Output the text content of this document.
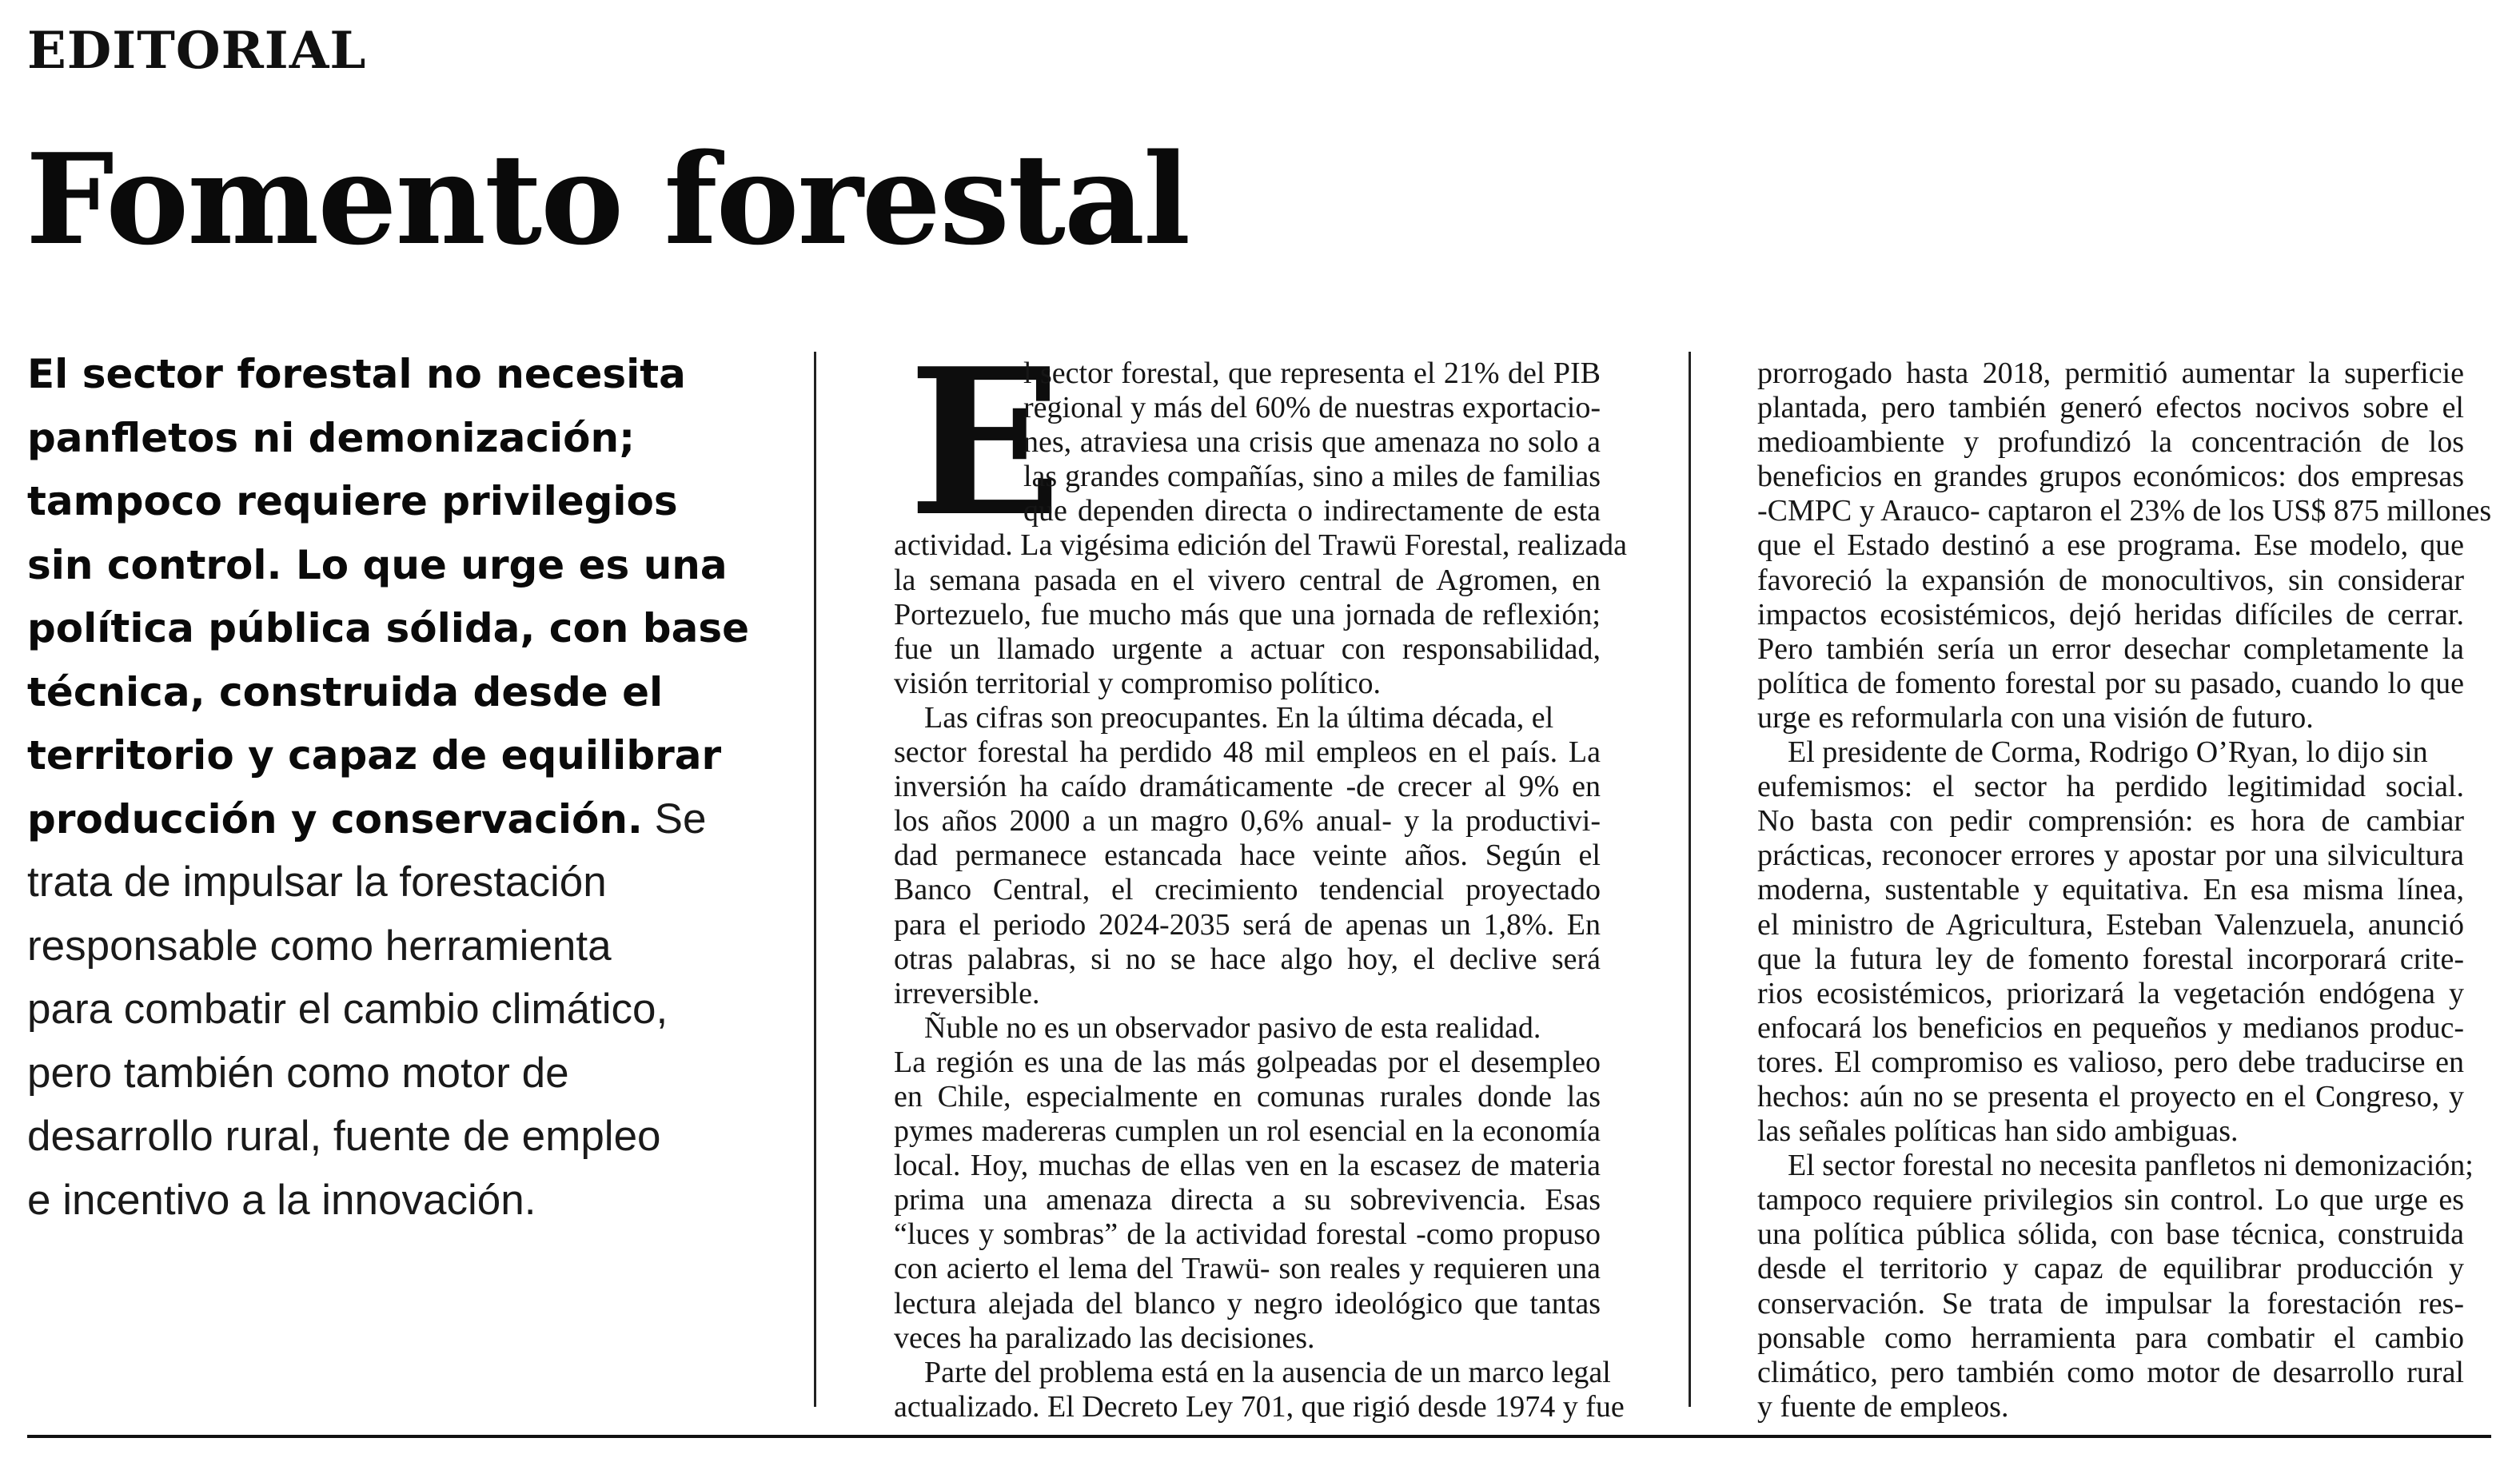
EDITORIAL
Fomento forestal
El sector forestal no necesita
panfletos ni demonización;
tampoco requiere privilegios
sin control. Lo que urge es una
política pública sólida, con base
técnica, construida desde el
territorio y capaz de equilibrar
producción y conservación. Se
trata de impulsar la forestación
responsable como herramienta
para combatir el cambio climático,
pero también como motor de
desarrollo rural, fuente de empleo
e incentivo a la innovación.
E
l sector forestal, que representa el 21% del PIB
regional y más del 60% de nuestras exportacio-
nes, atraviesa una crisis que amenaza no solo a
las grandes compañías, sino a miles de familias
que dependen directa o indirectamente de esta
actividad. La vigésima edición del Trawü Forestal, realizada
la semana pasada en el vivero central de Agromen, en
Portezuelo, fue mucho más que una jornada de reflexión;
fue un llamado urgente a actuar con responsabilidad,
visión territorial y compromiso político.
Las cifras son preocupantes. En la última década, el
sector forestal ha perdido 48 mil empleos en el país. La
inversión ha caído dramáticamente -de crecer al 9% en
los años 2000 a un magro 0,6% anual- y la productivi-
dad permanece estancada hace veinte años. Según el
Banco Central, el crecimiento tendencial proyectado
para el periodo 2024-2035 será de apenas un 1,8%. En
otras palabras, si no se hace algo hoy, el declive será
irreversible.
Ñuble no es un observador pasivo de esta realidad.
La región es una de las más golpeadas por el desempleo
en Chile, especialmente en comunas rurales donde las
pymes madereras cumplen un rol esencial en la economía
local. Hoy, muchas de ellas ven en la escasez de materia
prima una amenaza directa a su sobrevivencia. Esas
“luces y sombras” de la actividad forestal -como propuso
con acierto el lema del Trawü- son reales y requieren una
lectura alejada del blanco y negro ideológico que tantas
veces ha paralizado las decisiones.
Parte del problema está en la ausencia de un marco legal
actualizado. El Decreto Ley 701, que rigió desde 1974 y fue
prorrogado hasta 2018, permitió aumentar la superficie
plantada, pero también generó efectos nocivos sobre el
medioambiente y profundizó la concentración de los
beneficios en grandes grupos económicos: dos empresas
-CMPC y Arauco- captaron el 23% de los US$ 875 millones
que el Estado destinó a ese programa. Ese modelo, que
favoreció la expansión de monocultivos, sin considerar
impactos ecosistémicos, dejó heridas difíciles de cerrar.
Pero también sería un error desechar completamente la
política de fomento forestal por su pasado, cuando lo que
urge es reformularla con una visión de futuro.
El presidente de Corma, Rodrigo O’Ryan, lo dijo sin
eufemismos: el sector ha perdido legitimidad social.
No basta con pedir comprensión: es hora de cambiar
prácticas, reconocer errores y apostar por una silvicultura
moderna, sustentable y equitativa. En esa misma línea,
el ministro de Agricultura, Esteban Valenzuela, anunció
que la futura ley de fomento forestal incorporará crite-
rios ecosistémicos, priorizará la vegetación endógena y
enfocará los beneficios en pequeños y medianos produc-
tores. El compromiso es valioso, pero debe traducirse en
hechos: aún no se presenta el proyecto en el Congreso, y
las señales políticas han sido ambiguas.
El sector forestal no necesita panfletos ni demonización;
tampoco requiere privilegios sin control. Lo que urge es
una política pública sólida, con base técnica, construida
desde el territorio y capaz de equilibrar producción y
conservación. Se trata de impulsar la forestación res-
ponsable como herramienta para combatir el cambio
climático, pero también como motor de desarrollo rural
y fuente de empleos.
